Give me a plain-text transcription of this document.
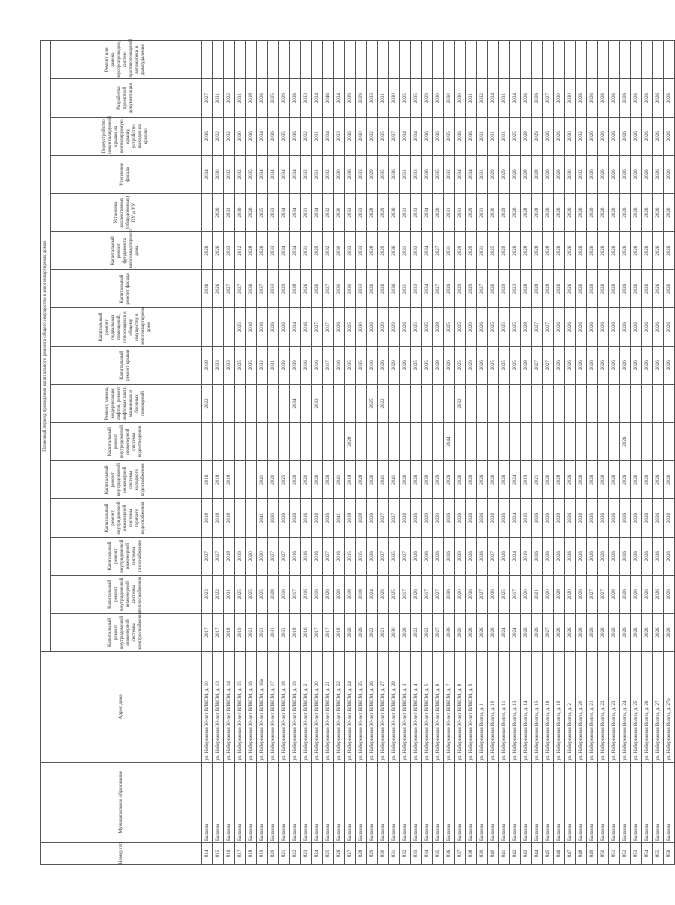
Номер п/п	Муниципальное образование	Адрес дома	Плановый период проведения капитального ремонта общего имущества в многоквартирных домах															

			Капитальный ремонт внутридомовой инженерной системы электроснабжения	Капитальный ремонт внутридомовой инженерной системы теплоснабжения	Капитальный ремонт внутридомовой инженерной системы газоснабжения	Капитальный ремонт внутридомовой инженерной системы горячего водоснабжения	Капитальный ремонт внутридомовой инженерной системы холодного водоснабжения	Капитальный ремонт внутридомовой инженерной системы водоотведения	Ремонт, замена, модернизация лифтов, ремонт лифтовых шахт, машинных и блочных помещений	Капитальный ремонт крыши	Капитальный ремонт подвальных помещений, относящихся к общему имуществу в многоквартирном доме	Капитальный ремонт фасада	Капитальный ремонт фундамента многоквартирного дома	Установка коллективных (общедомовых) ПУ и УУ	Утепление фасада	Переустройство невентилируемой крыши на вентилируемую крышу, устройство выходов на кровлю	Разработка проектной документации	Ремонт или замена мусоропроводов, систем противопожарной автоматики и дымоудаления

814	Балахна	ул. Набережная 30-лет ВЛКСМ, д. 10	2017	2023	2027	2018	2016		2022	2018		2036	2026		2034	2036	2027	
815	Балахна	ул. Набережная 30-лет ВЛКСМ, д. 13	2017	2022	2027	2018	2018			2033		2026	2026	2026	2030	2032	2031	
816	Балахна	ул. Набережная 30-лет ВЛКСМ, д. 14	2018	2031	2018	2018	2018			2033		2027	2033	2033	2032	2032	2022	
817	Балахна	ул. Набережная 30-лет ВЛКСМ, д. 15	2019	2025	2019					2025	2025	2027	2012	2036	2032	2030	2031	
818	Балахна	ул. Набережная 30-лет ВЛКСМ, д. 16	2021	2025	2020					2035	2016	2036	2028	2026	2035	2036	2018	
819	Балахна	ул. Набережная 30-лет ВЛКСМ, д. 16а	2021	2025	2020	2041	2041			2032	2016	2037	2026	2025	2034	2034	2026	
820	Балахна	ул. Набережная 30-лет ВЛКСМ, д. 17	2031	2028	2027	2020	2020			2031	2026	2033	2033	2033	2034	2036	2025	
821	Балахна	ул. Набережная 30-лет ВЛКСМ, д. 18	2031	2016	2027	2026	2025			2039	2026	2029	2034	2034	2034	2035	2029	
822	Балахна	ул. Набережная 30-лет ВЛКСМ, д. 19	2018	2017	2016	2026	2026		2034	2039	2034	2038	2034	2034	2034	2036	2036	
823	Балахна	ул. Набережная 30-лет ВЛКСМ, д. 2	2016	2016	2016	2016	2020			2016	2016	2026	2031	2031	2033	2032	2033	
824	Балахна	ул. Набережная 30-лет ВЛКСМ, д. 20	2017	2016	2016	2026	2026		2033	2016	2027	2026	2029	2034	2031	2031	2034	
825	Балахна	ул. Набережная 30-лет ВЛКСМ, д. 21	2017	2026	2027	2026	2026			2017	2017	2027	2032	2032	2032	2034	2046	
826	Балахна	ул. Набережная 30-лет ВЛКСМ, д. 22	2018	2026	2016	2041	2041			2016	2026	2030	2030	2030	2030	2033	2034	
827	Балахна	ул. Набережная 30-лет ВЛКСМ, д. 24	2026	2018	2015	2018	2018	2028		2035	2025	2030	2033	2033	2036	2036	2039	
828	Балахна	ул. Набережная 30-лет ВЛКСМ, д. 25	2026	2018	2015	2028	2028			2035	2030	2033	2033	2033	2033	2030	2029	
829	Балахна	ул. Набережная 30-лет ВЛКСМ, д. 26	2022	2024	2026	2026	2026		2025	2016	2026	2026	2028	2028	2029	2032	2033	
830	Балахна	ул. Набережная 30-лет ВЛКСМ, д. 27	2021	2029	2027	2027	2041		2022	2026	2029	2026	2029	2029	2035	2035	2031	
831	Балахна	ул. Набережная 30-лет ВЛКСМ, д. 28	2030	2025	2025	2027	2041			2029	2029	2036	2036	2036	2036	2037	2030	
832	Балахна	ул. Набережная 30-лет ВЛКСМ, д. 3	2026	2017	2027	2026	2026			2026	2026	2031	2031	2031	2031	2034	2025	
833	Балахна	ул. Набережная 30-лет ВЛКСМ, д. 4	2022	2026	2026	2026	2026			2025	2025	2033	2033	2033	2033	2034	2035	
834	Балахна	ул. Набережная 30-лет ВЛКСМ, д. 5	2022	2017	2036	2029	2039			2035	2035	2034	2034	2034	2036	2036	2029	
835	Балахна	ул. Набережная 30-лет ВЛКСМ, д. 6	2027	2027	2026	2029	2029			2028	2028	2027	2027	2026	2035	2036	2030	
836	Балахна	ул. Набережная 30-лет ВЛКСМ, д. 7	2036	2036	2026	2026	2026	2044		2026	2025	2026	2031	2031	2032	2035	2030	
837	Балахна	ул. Набережная 30-лет ВЛКСМ, д. 8	2020	2020	2029	2026	2026		2032	2025	2025	2029	2029	2031	2034	2036	2030	
838	Балахна	ул. Набережная 30-лет ВЛКСМ, д. 9	2026	2036	2026	2026	2026			2029	2029	2029	2029	2029	2034	2036	2031	
839	Балахна	ул. Набережная Волги, д. 1	2026	2027	2026	2026	2026			2026	2026	2027	2031	2031	2031	2031	2032	
840	Балахна	ул. Набережная Волги, д. 10	2026	2036	2027	2026	2026			2025	2025	2026	2025	2030	2029	2031	2034	
841	Балахна	ул. Набережная Волги, д. 11	2024	2025	2026	2026	2026			2025	2025	2029	2029	2029	2029	2031	2031	
842	Балахна	ул. Набережная Волги, д. 13	2024	2017	2024	2024	2024			2025	2025	2023	2026	2026	2026	2025	2034	
843	Балахна	ул. Набережная Волги, д. 14	2026	2020	2019	2019	2019			2028	2028	2028	2028	2028	2028	2028	2026	
844	Балахна	ул. Набережная Волги, д. 15	2026	2021	2026	2026	2021			2027	2027	2028	2028	2028	2028	2029	2026	
845	Балахна	ул. Набережная Волги, д. 16	2027	2020	2026	2026	2026			2027	2027	2028	2028	2026	2026	2026	2027	
846	Балахна	ул. Набережная Волги, д. 19	2026	2028	2026	2028	2028			2026	2026	2026	2026	2026	2026	2026	2030	
847	Балахна	ул. Набережная Волги, д. 2	2026	2020	2026	2026	2026			2026	2026	2026	2026	2026	2030	2030	2030	
848	Балахна	ул. Набережная Волги, д. 20	2026	2026	2026	2026	2026			2026	2026	2026	2026	2026	2032	2032	2026	
849	Балахна	ул. Набережная Волги, д. 21	2026	2027	2026	2026	2026			2026	2026	2026	2026	2026	2026	2026	2026	
850	Балахна	ул. Набережная Волги, д. 22	2026	2027	2026	2026	2026			2026	2026	2026	2026	2026	2026	2026	2026	
851	Балахна	ул. Набережная Волги, д. 23	2026	2028	2026	2026	2026			2026	2026	2026	2026	2026	2026	2026	2026	
852	Балахна	ул. Набережная Волги, д. 24	2026	2026	2026	2026	2026	2026		2026	2026	2026	2026	2026	2026	2026	2026	
853	Балахна	ул. Набережная Волги, д. 25	2026	2026	2026	2026	2026			2026	2026	2026	2026	2026	2026	2026	2026	
854	Балахна	ул. Набережная Волги, д. 26	2026	2026	2026	2026	2026			2026	2026	2026	2026	2026	2026	2026	2026	
855	Балахна	ул. Набережная Волги, д. 27	2026	2026	2026	2026	2026			2026	2026	2026	2026	2026	2026	2026	2026	
856	Балахна	ул. Набережная Волги, д. 27а	2026	2026	2026	2026	2026			2026	2026	2026	2026	2026	2026	2026	2026	
